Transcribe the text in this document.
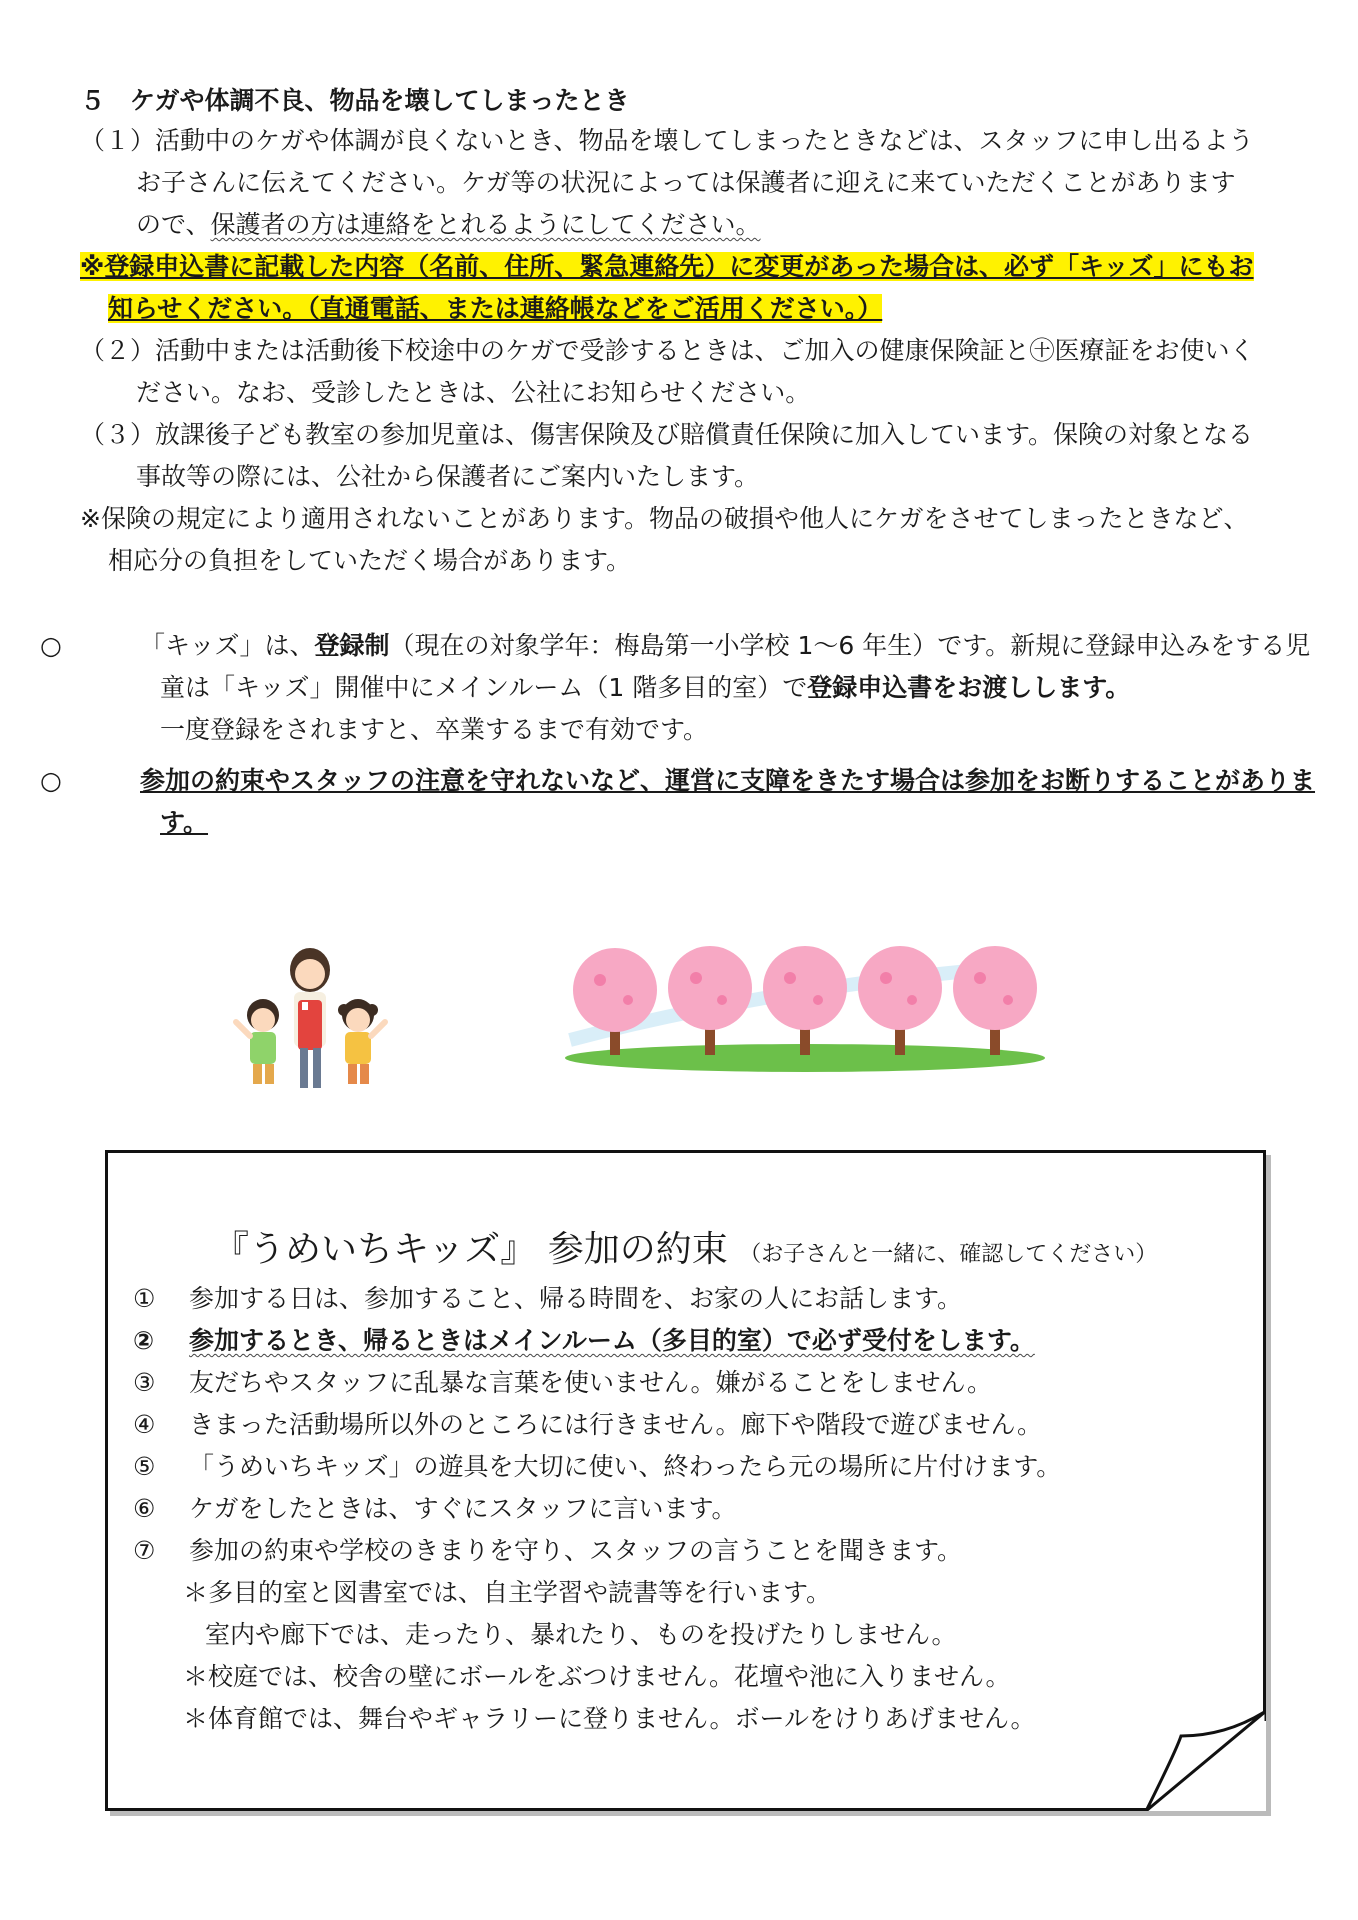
５　ケガや体調不良、物品を壊してしまったとき
（１）活動中のケガや体調が良くないとき、物品を壊してしまったときなどは、スタッフに申し出るようお子さんに伝えてください。ケガ等の状況によっては保護者に迎えに来ていただくことがありますので、保護者の方は連絡をとれるようにしてください。
※登録申込書に記載した内容（名前、住所、緊急連絡先）に変更があった場合は、必ず「キッズ」にもお知らせください。（直通電話、または連絡帳などをご活用ください。）
（２）活動中または活動後下校途中のケガで受診するときは、ご加入の健康保険証と㊉医療証をお使いください。なお、受診したときは、公社にお知らせください。
（３）放課後子ども教室の参加児童は、傷害保険及び賠償責任保険に加入しています。保険の対象となる事故等の際には、公社から保護者にご案内いたします。
※保険の規定により適用されないことがあります。物品の破損や他人にケガをさせてしまったときなど、相応分の負担をしていただく場合があります。
○	「キッズ」は、登録制（現在の対象学年：梅島第一小学校 1～6 年生）です。新規に登録申込みをする児童は「キッズ」開催中にメインルーム（1 階多目的室）で登録申込書をお渡しします。
一度登録をされますと、卒業するまで有効です。
○	参加の約束やスタッフの注意を守れないなど、運営に支障をきたす場合は参加をお断りすることがあります。
『うめいちキッズ』 参加の約束 （お子さんと一緒に、確認してください）
① 参加する日は、参加すること、帰る時間を、お家の人にお話します。
② 参加するとき、帰るときはメインルーム（多目的室）で必ず受付をします。
③ 友だちやスタッフに乱暴な言葉を使いません。嫌がることをしません。
④ きまった活動場所以外のところには行きません。廊下や階段で遊びません。
⑤ 「うめいちキッズ」の遊具を大切に使い、終わったら元の場所に片付けます。
⑥ ケガをしたときは、すぐにスタッフに言います。
⑦ 参加の約束や学校のきまりを守り、スタッフの言うことを聞きます。
＊多目的室と図書室では、自主学習や読書等を行います。
室内や廊下では、走ったり、暴れたり、ものを投げたりしません。
＊校庭では、校舎の壁にボールをぶつけません。花壇や池に入りません。
＊体育館では、舞台やギャラリーに登りません。ボールをけりあげません。
